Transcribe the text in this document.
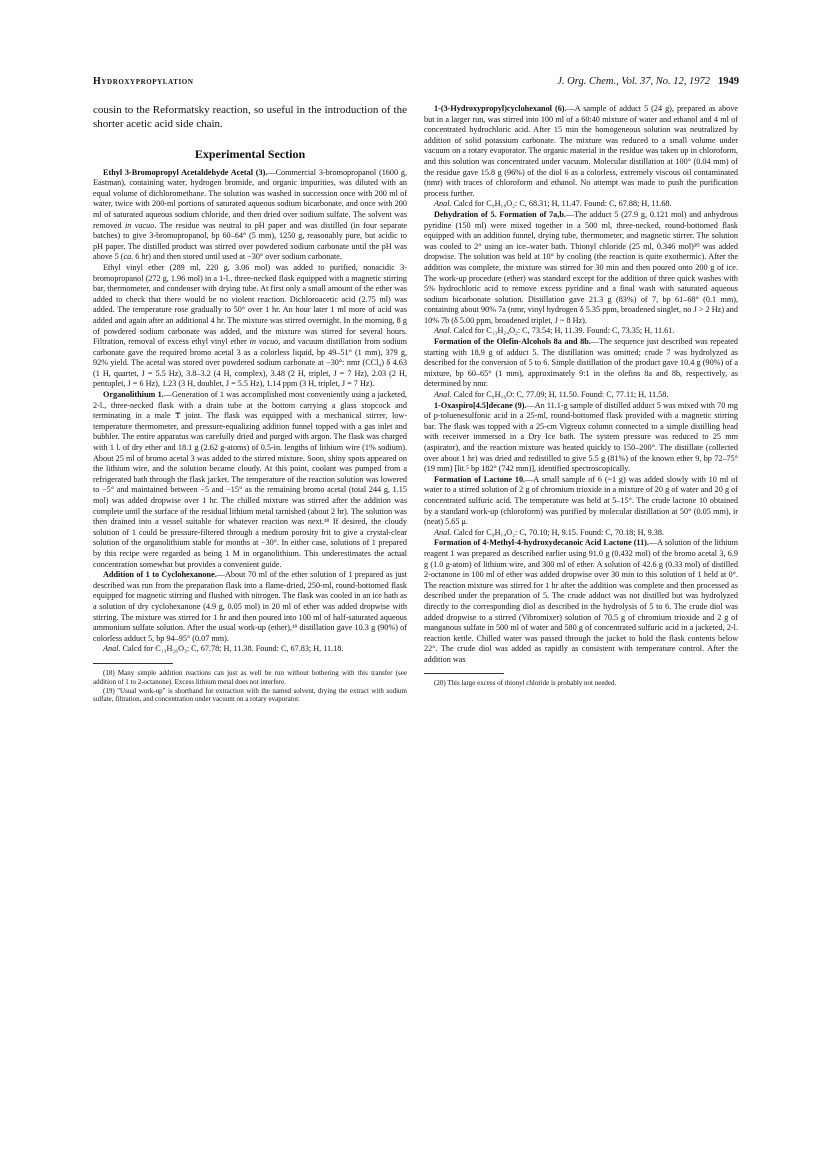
Hydroxypropylation	J. Org. Chem., Vol. 37, No. 12, 1972 1949

cousin to the Reformatsky reaction, so useful in the introduction of the shorter acetic acid side chain.

Experimental Section

Ethyl 3-Bromopropyl Acetaldehyde Acetal (3).—Commercial 3-bromopropanol (1600 g, Eastman), containing water, hydrogen bromide, and organic impurities, was diluted with an equal volume of dichloromethane. The solution was washed in succession once with 200 ml of water, twice with 200-ml portions of saturated aqueous sodium bicarbonate, and once with 200 ml of saturated aqueous sodium chloride, and then dried over sodium sulfate. The solvent was removed in vacuo. The residue was neutral to pH paper and was distilled (in four separate batches) to give 3-bromopropanol, bp 60–64° (5 mm), 1250 g, reasonably pure, but acidic to pH paper. The distilled product was stirred over powdered sodium carbonate until the pH was above 5 (ca. 6 hr) and then stored until used at −30° over sodium carbonate.

Ethyl vinyl ether (289 ml, 220 g, 3.06 mol) was added to purified, nonacidic 3-bromopropanol (272 g, 1.96 mol) in a 1-l., three-necked flask equipped with a magnetic stirring bar, thermometer, and condenser with drying tube. At first only a small amount of the ether was added to check that there would be no violent reaction. Dichloroacetic acid (2.75 ml) was added. The temperature rose gradually to 50° over 1 hr. An hour later 1 ml more of acid was added and again after an additional 4 hr. The mixture was stirred overnight. In the morning, 8 g of powdered sodium carbonate was added, and the mixture was stirred for several hours. Filtration, removal of excess ethyl vinyl ether in vacuo, and vacuum distillation from sodium carbonate gave the required bromo acetal 3 as a colorless liquid, bp 49–51° (1 mm), 379 g, 92% yield. The acetal was stored over powdered sodium carbonate at −30°: nmr (CCl₄) δ 4.63 (1 H, quartet, J = 5.5 Hz), 3.8–3.2 (4 H, complex), 3.48 (2 H, triplet, J = 7 Hz), 2.03 (2 H, pentuplet, J = 6 Hz), 1.23 (3 H, doublet, J = 5.5 Hz), 1.14 ppm (3 H, triplet, J = 7 Hz).

Organolithium 1.—Generation of 1 was accomplished most conveniently using a jacketed, 2-l., three-necked flask with a drain tube at the bottom carrying a glass stopcock and terminating in a male ₸ joint. The flask was equipped with a mechanical stirrer, low-temperature thermometer, and pressure-equalizing addition funnel topped with a gas inlet and bubbler. The entire apparatus was carefully dried and purged with argon. The flask was charged with 1 l. of dry ether and 18.1 g (2.62 g-atoms) of 0.5-in. lengths of lithium wire (1% sodium). About 25 ml of bromo acetal 3 was added to the stirred mixture. Soon, shiny spots appeared on the lithium wire, and the solution became cloudy. At this point, coolant was pumped from a refrigerated bath through the flask jacket. The temperature of the reaction solution was lowered to −5° and maintained between −5 and −15° as the remaining bromo acetal (total 244 g, 1.15 mol) was added dropwise over 1 hr. The chilled mixture was stirred after the addition was complete until the surface of the residual lithium metal tarnished (about 2 hr). The solution was then drained into a vessel suitable for whatever reaction was next.¹⁸ If desired, the cloudy solution of 1 could be pressure-filtered through a medium porosity frit to give a crystal-clear solution of the organolithium stable for months at −30°. In either case, solutions of 1 prepared by this recipe were regarded as being 1 M in organolithium. This underestimates the actual concentration somewhat but provides a convenient guide.

Addition of 1 to Cyclohexanone.—About 70 ml of the ether solution of 1 prepared as just described was run from the preparation flask into a flame-dried, 250-ml, round-bottomed flask equipped for magnetic stirring and flushed with nitrogen. The flask was cooled in an ice bath as a solution of dry cyclohexanone (4.9 g, 0.05 mol) in 20 ml of ether was added dropwise with stirring. The mixture was stirred for 1 hr and then poured into 100 ml of half-saturated aqueous ammonium sulfate solution. After the usual work-up (ether),¹⁹ distillation gave 10.3 g (90%) of colorless adduct 5, bp 94–95° (0.07 mm).

Anal. Calcd for C₁₃H₂₆O₃: C, 67.78; H, 11.38. Found: C, 67.83; H, 11.18.

(18) Many simple addition reactions can just as well be run without bothering with this transfer (see addition of 1 to 2-octanone). Excess lithium metal does not interfere.

(19) "Usual work-up" is shorthand for extraction with the named solvent, drying the extract with sodium sulfate, filtration, and concentration under vacuum on a rotary evaporator.

1-(3-Hydroxypropyl)cyclohexanol (6).—A sample of adduct 5 (24 g), prepared as above but in a larger run, was stirred into 100 ml of a 60:40 mixture of water and ethanol and 4 ml of concentrated hydrochloric acid. After 15 min the homogeneous solution was neutralized by addition of solid potassium carbonate. The mixture was reduced to a small volume under vacuum on a rotary evaporator. The organic material in the residue was taken up in chloroform, and this solution was concentrated under vacuum. Molecular distillation at 100° (0.04 mm) of the residue gave 15.8 g (96%) of the diol 6 as a colorless, extremely viscous oil contaminated (nmr) with traces of chloroform and ethanol. No attempt was made to push the purification process further.

Anal. Calcd for C₉H₁₈O₂: C, 68.31; H, 11.47. Found: C, 67.88; H, 11.68.

Dehydration of 5. Formation of 7a,b.—The adduct 5 (27.9 g, 0.121 mol) and anhydrous pyridine (150 ml) were mixed together in a 500 ml, three-necked, round-bottomed flask equipped with an addition funnel, drying tube, thermometer, and magnetic stirrer. The solution was cooled to 2° using an ice–water bath. Thionyl chloride (25 ml, 0.346 mol)²⁰ was added dropwise. The solution was held at 10° by cooling (the reaction is quite exothermic). After the addition was complete, the mixture was stirred for 30 min and then poured onto 200 g of ice. The work-up procedure (ether) was standard except for the addition of three quick washes with 5% hydrochloric acid to remove excess pyridine and a final wash with saturated aqueous sodium bicarbonate solution. Distillation gave 21.3 g (83%) of 7, bp 61–68° (0.1 mm), containing about 90% 7a (nmr, vinyl hydrogen δ 5.35 ppm, broadened singlet, no J > 2 Hz) and 10% 7b (δ 5.00 ppm, broadened triplet, J ~ 8 Hz).

Anal. Calcd for C₁₃H₂₄O₂: C, 73.54; H, 11.39. Found: C, 73.35; H, 11.61.

Formation of the Olefin-Alcohols 8a and 8b.—The sequence just described was repeated starting with 18.9 g of adduct 5. The distillation was omitted; crude 7 was hydrolyzed as described for the conversion of 5 to 6. Simple distillation of the product gave 10.4 g (90%) of a mixture, bp 60–65° (1 mm), approximately 9:1 in the olefins 8a and 8b, respectively, as determined by nmr.

Anal. Calcd for C₉H₁₆O: C, 77.09; H, 11.50. Found: C, 77.11; H, 11.58.

1-Oxaspiro[4.5]decane (9).—An 11.1-g sample of distilled adduct 5 was mixed with 70 mg of p-toluenesulfonic acid in a 25-ml, round-bottomed flask provided with a magnetic stirring bar. The flask was topped with a 25-cm Vigreux column connected to a simple distilling head with receiver immersed in a Dry Ice bath. The system pressure was reduced to 25 mm (aspirator), and the reaction mixture was heated quickly to 150–200°. The distillate (collected over about 1 hr) was dried and redistilled to give 5.5 g (81%) of the known ether 9, bp 72–75° (19 mm) [lit.⁵ bp 182° (742 mm)], identified spectroscopically.

Formation of Lactone 10.—A small sample of 6 (~1 g) was added slowly with 10 ml of water to a stirred solution of 2 g of chromium trioxide in a mixture of 20 g of water and 20 g of concentrated sulfuric acid. The temperature was held at 5–15°. The crude lactone 10 obtained by a standard work-up (chloroform) was purified by molecular distillation at 50° (0.05 mm), ir (neat) 5.65 μ.

Anal. Calcd for C₉H₁₄O₂: C, 70.10; H, 9.15. Found: C, 70.18; H, 9.38.

Formation of 4-Methyl-4-hydroxydecanoic Acid Lactone (11).—A solution of the lithium reagent 1 was prepared as described earlier using 91.0 g (0.432 mol) of the bromo acetal 3, 6.9 g (1.0 g-atom) of lithium wire, and 300 ml of ether. A solution of 42.6 g (0.33 mol) of distilled 2-octanone in 100 ml of ether was added dropwise over 30 min to this solution of 1 held at 0°. The reaction mixture was stirred for 1 hr after the addition was complete and then processed as described under the preparation of 5. The crude adduct was not distilled but was hydrolyzed directly to the corresponding diol as described in the hydrolysis of 5 to 6. The crude diol was added dropwise to a stirred (Vibromixer) solution of 70.5 g of chromium trioxide and 2 g of manganous sulfate in 500 ml of water and 580 g of concentrated sulfuric acid in a jacketed, 2-l. reaction kettle. Chilled water was passed through the jacket to hold the flask contents below 22°. The crude diol was added as rapidly as consistent with temperature control. After the addition was

(20) This large excess of thionyl chloride is probably not needed.
